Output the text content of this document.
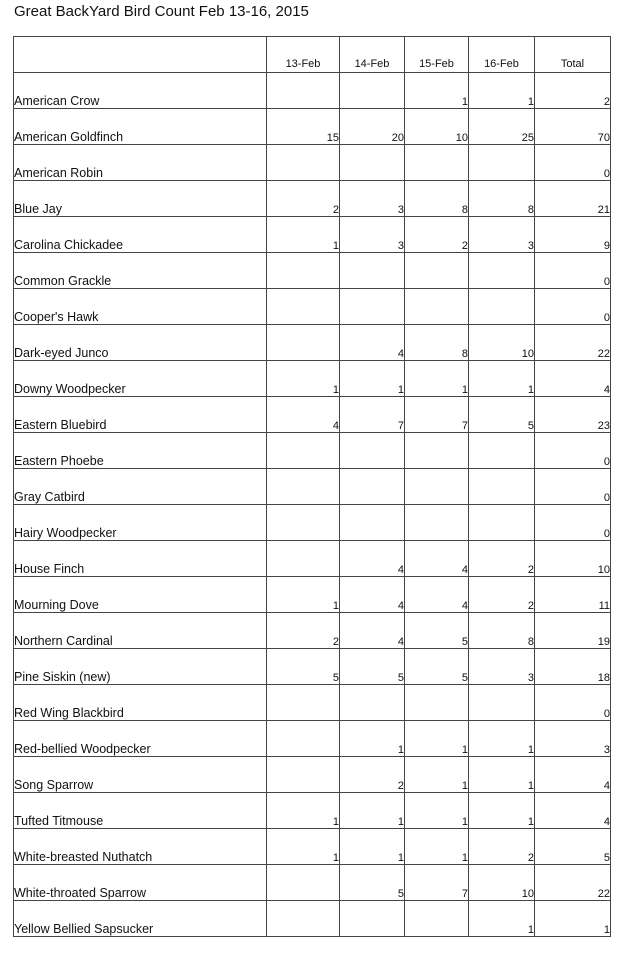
Great BackYard Bird Count Feb 13-16, 2015
	13-Feb	14-Feb	15-Feb	16-Feb	Total
American Crow			1	1	2
American Goldfinch	15	20	10	25	70
American Robin					0
Blue Jay	2	3	8	8	21
Carolina Chickadee	1	3	2	3	9
Common Grackle					0
Cooper's Hawk					0
Dark-eyed Junco		4	8	10	22
Downy Woodpecker	1	1	1	1	4
Eastern Bluebird	4	7	7	5	23
Eastern Phoebe					0
Gray Catbird					0
Hairy Woodpecker					0
House Finch		4	4	2	10
Mourning Dove	1	4	4	2	11
Northern Cardinal	2	4	5	8	19
Pine Siskin (new)	5	5	5	3	18
Red Wing Blackbird					0
Red-bellied Woodpecker		1	1	1	3
Song Sparrow		2	1	1	4
Tufted Titmouse	1	1	1	1	4
White-breasted Nuthatch	1	1	1	2	5
White-throated Sparrow		5	7	10	22
Yellow Bellied Sapsucker				1	1
